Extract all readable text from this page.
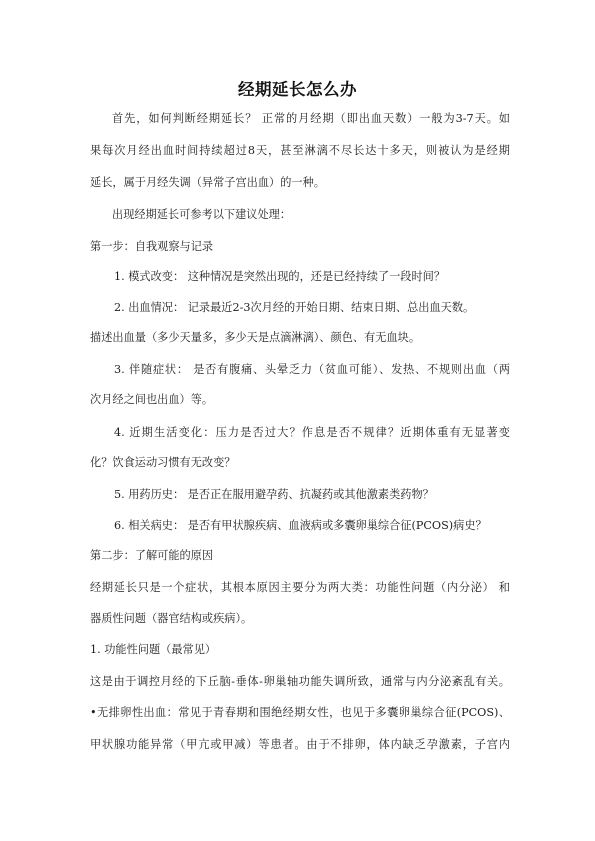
经期延长怎么办
首先，如何判断经期延长？ 正常的月经期（即出血天数）一般为3-7天。如
果每次月经出血时间持续超过8天，甚至淋漓不尽长达十多天，则被认为是经期
延长，属于月经失调（异常子宫出血）的一种。
出现经期延长可参考以下建议处理：
第一步：自我观察与记录
1. 模式改变： 这种情况是突然出现的，还是已经持续了一段时间？
2. 出血情况： 记录最近2-3次月经的开始日期、结束日期、总出血天数。
描述出血量（多少天量多，多少天是点滴淋漓）、颜色、有无血块。
3. 伴随症状： 是否有腹痛、头晕乏力（贫血可能）、发热、不规则出血（两
次月经之间也出血）等。
4. 近期生活变化：压力是否过大？作息是否不规律？近期体重有无显著变
化？饮食运动习惯有无改变？
5. 用药历史： 是否正在服用避孕药、抗凝药或其他激素类药物？
6. 相关病史： 是否有甲状腺疾病、血液病或多囊卵巢综合征(PCOS)病史？
第二步：了解可能的原因
经期延长只是一个症状，其根本原因主要分为两大类：功能性问题（内分泌） 和
器质性问题（器官结构或疾病）。
1. 功能性问题（最常见）
这是由于调控月经的下丘脑-垂体-卵巢轴功能失调所致，通常与内分泌紊乱有关。
•无排卵性出血：常见于青春期和围绝经期女性，也见于多囊卵巢综合征(PCOS)、
甲状腺功能异常（甲亢或甲减）等患者。由于不排卵，体内缺乏孕激素，子宫内
